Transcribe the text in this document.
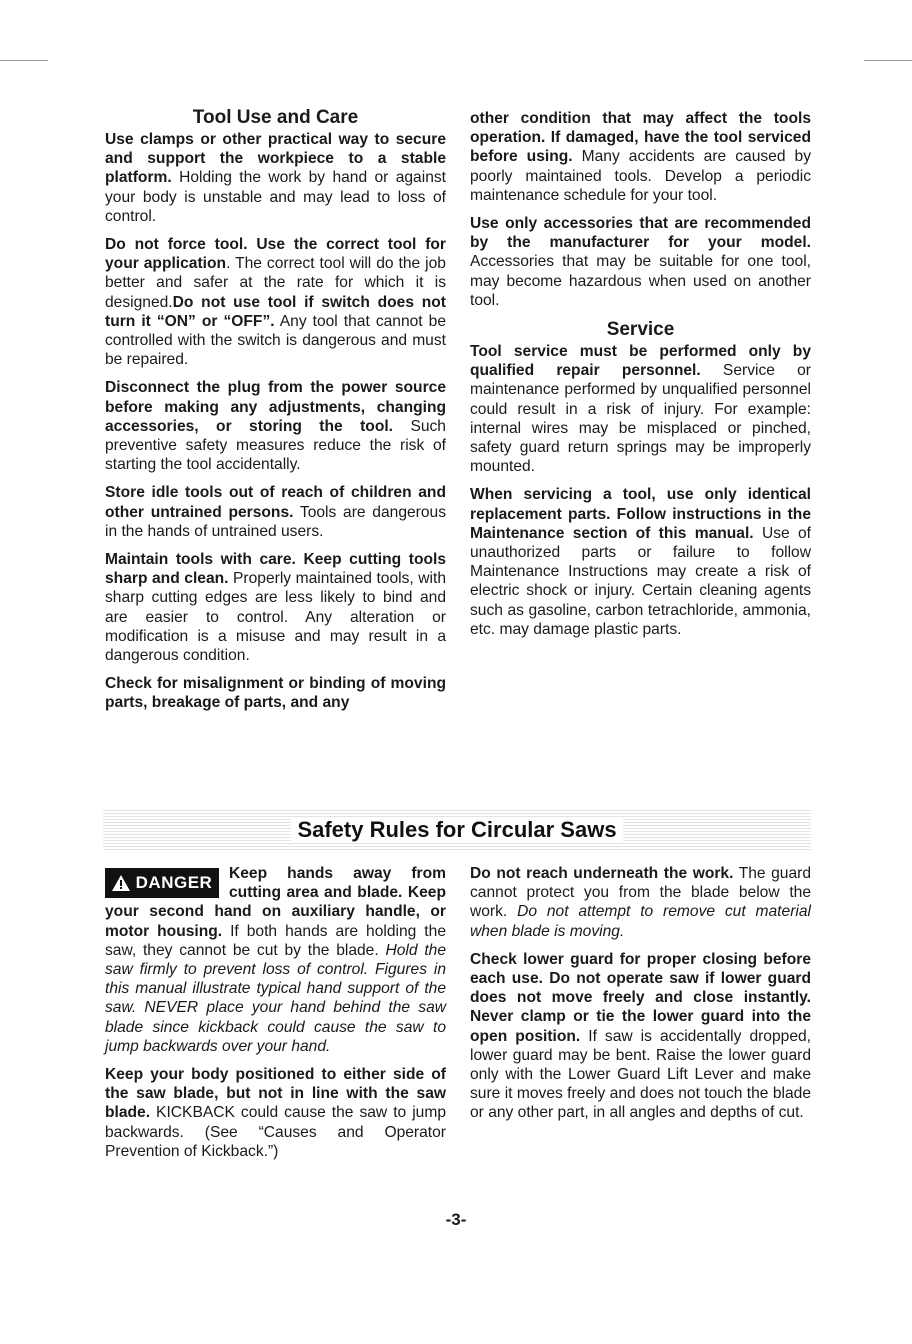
Tool Use and Care

Use clamps or other practical way to secure and support the workpiece to a stable platform. Holding the work by hand or against your body is unstable and may lead to loss of control.

Do not force tool. Use the correct tool for your application. The correct tool will do the job better and safer at the rate for which it is designed.Do not use tool if switch does not turn it “ON” or “OFF”. Any tool that cannot be controlled with the switch is dangerous and must be repaired.

Disconnect the plug from the power source before making any adjustments, changing accessories, or storing the tool. Such preventive safety measures reduce the risk of starting the tool accidentally.

Store idle tools out of reach of children and other untrained persons. Tools are dangerous in the hands of untrained users.

Maintain tools with care. Keep cutting tools sharp and clean. Properly maintained tools, with sharp cutting edges are less likely to bind and are easier to control. Any alteration or modification is a misuse and may result in a dangerous condition.

Check for misalignment or binding of moving parts, breakage of parts, and any

other condition that may affect the tools operation. If damaged, have the tool serviced before using. Many accidents are caused by poorly maintained tools. Develop a periodic maintenance schedule for your tool.

Use only accessories that are recommended by the manufacturer for your model. Accessories that may be suitable for one tool, may become hazardous when used on another tool.

Service

Tool service must be performed only by qualified repair personnel. Service or maintenance performed by unqualified personnel could result in a risk of injury. For example: internal wires may be misplaced or pinched, safety guard return springs may be improperly mounted.

When servicing a tool, use only identical replacement parts. Follow instructions in the Maintenance section of this manual. Use of unauthorized parts or failure to follow Maintenance Instructions may create a risk of electric shock or injury. Certain cleaning agents such as gasoline, carbon tetrachloride, ammonia, etc. may damage plastic parts.

Safety Rules for Circular Saws

DANGER Keep hands away from cutting area and blade. Keep your second hand on auxiliary handle, or motor housing. If both hands are holding the saw, they cannot be cut by the blade. Hold the saw firmly to prevent loss of control. Figures in this manual illustrate typical hand support of the saw. NEVER place your hand behind the saw blade since kickback could cause the saw to jump backwards over your hand.

Keep your body positioned to either side of the saw blade, but not in line with the saw blade. KICKBACK could cause the saw to jump backwards. (See “Causes and Operator Prevention of Kickback.”)

Do not reach underneath the work. The guard cannot protect you from the blade below the work. Do not attempt to remove cut material when blade is moving.

Check lower guard for proper closing before each use. Do not operate saw if lower guard does not move freely and close instantly. Never clamp or tie the lower guard into the open position. If saw is accidentally dropped, lower guard may be bent. Raise the lower guard only with the Lower Guard Lift Lever and make sure it moves freely and does not touch the blade or any other part, in all angles and depths of cut.

-3-
